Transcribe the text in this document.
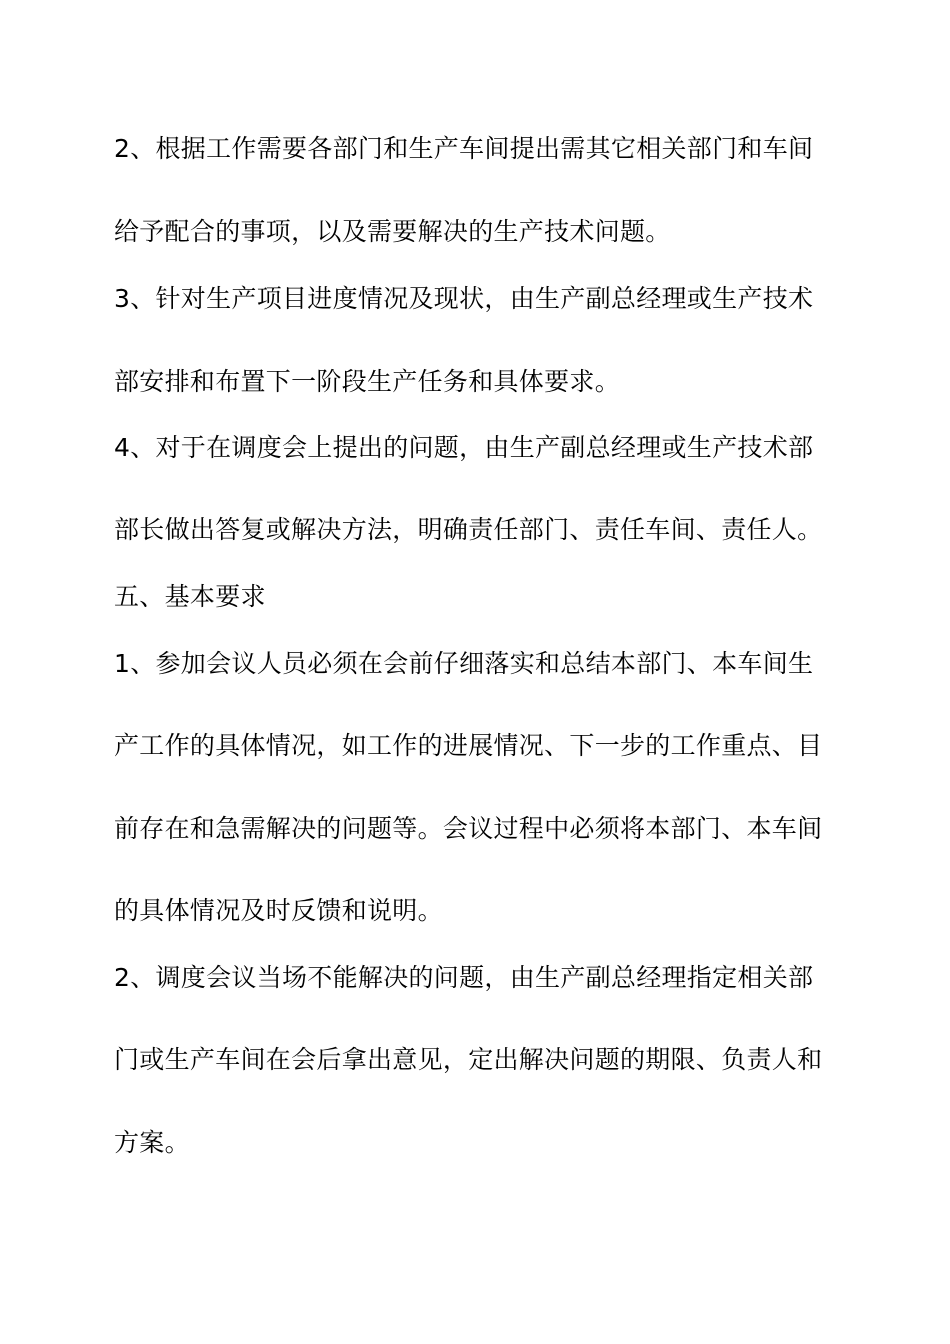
2、根据工作需要各部门和生产车间提出需其它相关部门和车间
给予配合的事项，以及需要解决的生产技术问题。
3、针对生产项目进度情况及现状，由生产副总经理或生产技术
部安排和布置下一阶段生产任务和具体要求。
4、对于在调度会上提出的问题，由生产副总经理或生产技术部
部长做出答复或解决方法，明确责任部门、责任车间、责任人。
五、基本要求
1、参加会议人员必须在会前仔细落实和总结本部门、本车间生
产工作的具体情况，如工作的进展情况、下一步的工作重点、目
前存在和急需解决的问题等。会议过程中必须将本部门、本车间
的具体情况及时反馈和说明。
2、调度会议当场不能解决的问题，由生产副总经理指定相关部
门或生产车间在会后拿出意见，定出解决问题的期限、负责人和
方案。
